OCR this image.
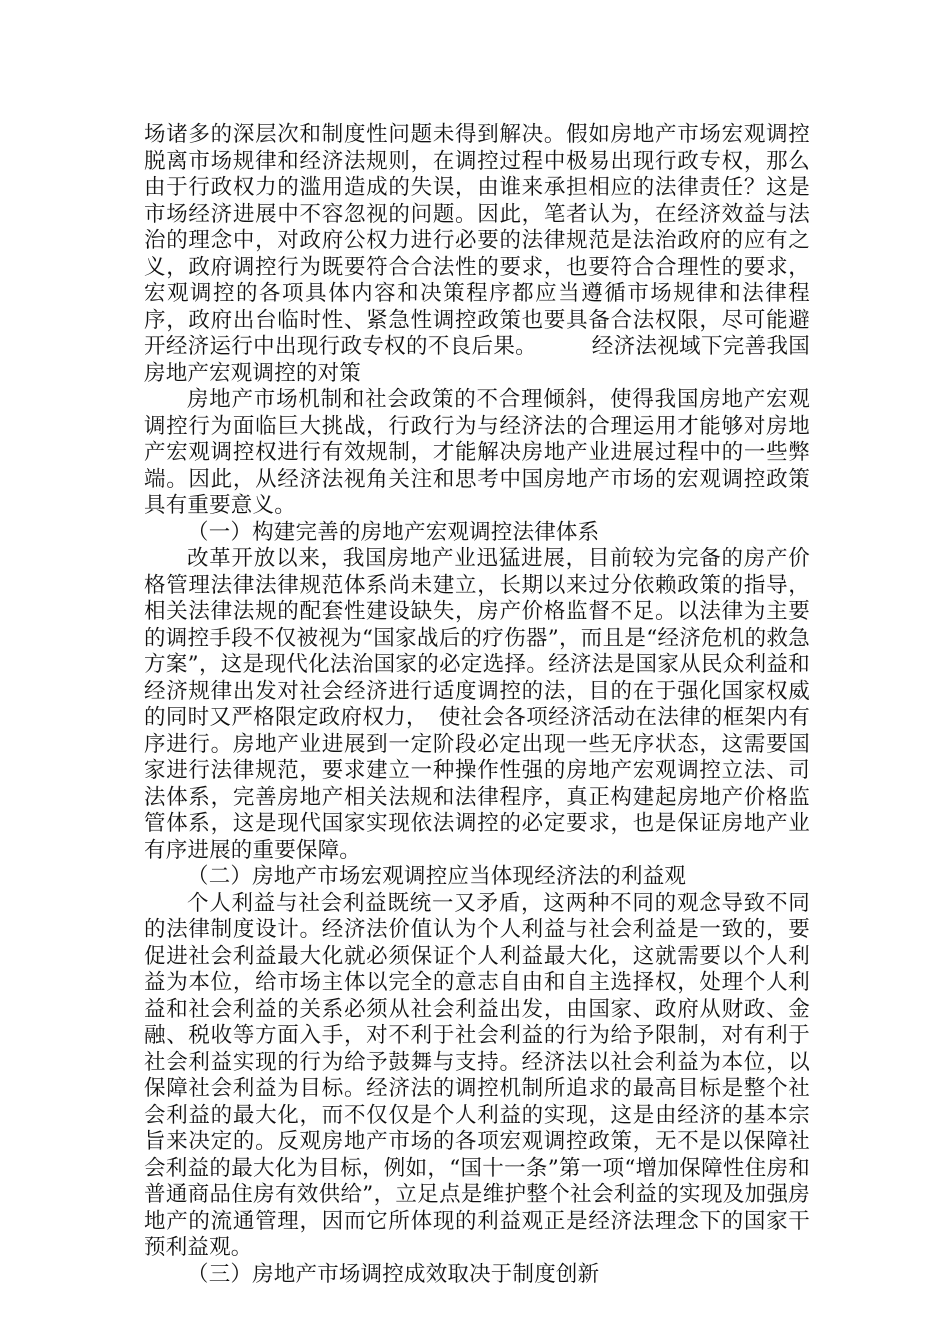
场诸多的深层次和制度性问题未得到解决。假如房地产市场宏观调控脱离市场规律和经济法规则，在调控过程中极易出现行政专权，那么由于行政权力的滥用造成的失误，由谁来承担相应的法律责任？这是市场经济进展中不容忽视的问题。因此，笔者认为，在经济效益与法治的理念中，对政府公权力进行必要的法律规范是法治政府的应有之义，政府调控行为既要符合合法性的要求，也要符合合理性的要求，宏观调控的各项具体内容和决策程序都应当遵循市场规律和法律程序，政府出台临时性、紧急性调控政策也要具备合法权限，尽可能避开经济运行中出现行政专权的不良后果。　　　经济法视域下完善我国房地产宏观调控的对策

房地产市场机制和社会政策的不合理倾斜，使得我国房地产宏观调控行为面临巨大挑战，行政行为与经济法的合理运用才能够对房地产宏观调控权进行有效规制，才能解决房地产业进展过程中的一些弊端。因此，从经济法视角关注和思考中国房地产市场的宏观调控政策具有重要意义。

（一）构建完善的房地产宏观调控法律体系

改革开放以来，我国房地产业迅猛进展，目前较为完备的房产价格管理法律法律规范体系尚未建立，长期以来过分依赖政策的指导，相关法律法规的配套性建设缺失，房产价格监督不足。以法律为主要的调控手段不仅被视为“国家战后的疗伤器”，而且是“经济危机的救急方案”，这是现代化法治国家的必定选择。经济法是国家从民众利益和经济规律出发对社会经济进行适度调控的法，目的在于强化国家权威的同时又严格限定政府权力，　使社会各项经济活动在法律的框架内有序进行。房地产业进展到一定阶段必定出现一些无序状态，这需要国家进行法律规范，要求建立一种操作性强的房地产宏观调控立法、司法体系，完善房地产相关法规和法律程序，真正构建起房地产价格监管体系，这是现代国家实现依法调控的必定要求，也是保证房地产业有序进展的重要保障。

（二）房地产市场宏观调控应当体现经济法的利益观

个人利益与社会利益既统一又矛盾，这两种不同的观念导致不同的法律制度设计。经济法价值认为个人利益与社会利益是一致的，要促进社会利益最大化就必须保证个人利益最大化，这就需要以个人利益为本位，给市场主体以完全的意志自由和自主选择权，处理个人利益和社会利益的关系必须从社会利益出发，由国家、政府从财政、金融、税收等方面入手，对不利于社会利益的行为给予限制，对有利于社会利益实现的行为给予鼓舞与支持。经济法以社会利益为本位，以保障社会利益为目标。经济法的调控机制所追求的最高目标是整个社会利益的最大化，而不仅仅是个人利益的实现，这是由经济的基本宗旨来决定的。反观房地产市场的各项宏观调控政策，无不是以保障社会利益的最大化为目标，例如，“国十一条”第一项“增加保障性住房和普通商品住房有效供给”，立足点是维护整个社会利益的实现及加强房地产的流通管理，因而它所体现的利益观正是经济法理念下的国家干预利益观。

（三）房地产市场调控成效取决于制度创新
